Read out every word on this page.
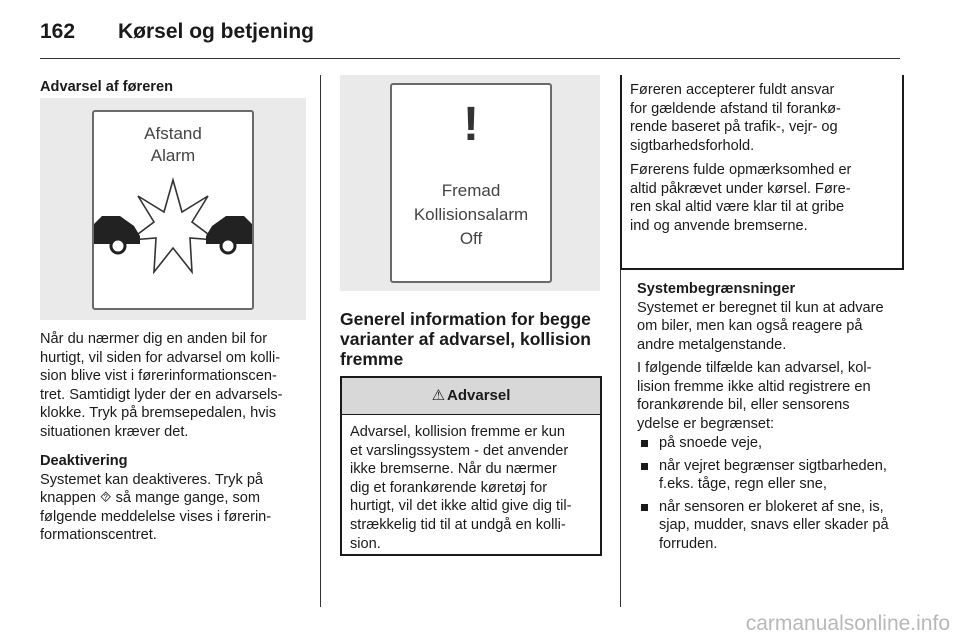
162 Kørsel og betjening
Advarsel af føreren
Afstand
Alarm
Når du nærmer dig en anden bil for
hurtigt, vil siden for advarsel om kolli-
sion blive vist i førerinformationscen-
tret. Samtidigt lyder der en advarsels-
klokke. Tryk på bremsepedalen, hvis
situationen kræver det.
Deaktivering
Systemet kan deaktiveres. Tryk på
knappen ⯑ så mange gange, som
følgende meddelelse vises i førerin-
formationscentret.
!
Fremad
Kollisionsalarm
Off
Generel information for begge
varianter af advarsel, kollision
fremme
⚠ Advarsel
Advarsel, kollision fremme er kun
et varslingssystem - det anvender
ikke bremserne. Når du nærmer
dig et forankørende køretøj for
hurtigt, vil det ikke altid give dig til-
strækkelig tid til at undgå en kolli-
sion.
Føreren accepterer fuldt ansvar
for gældende afstand til forankø-
rende baseret på trafik-, vejr- og
sigtbarhedsforhold.
Førerens fulde opmærksomhed er
altid påkrævet under kørsel. Føre-
ren skal altid være klar til at gribe
ind og anvende bremserne.
Systembegrænsninger
Systemet er beregnet til kun at advare
om biler, men kan også reagere på
andre metalgenstande.
I følgende tilfælde kan advarsel, kol-
lision fremme ikke altid registrere en
forankørende bil, eller sensorens
ydelse er begrænset:
på snoede veje,
når vejret begrænser sigtbarheden,
f.eks. tåge, regn eller sne,
når sensoren er blokeret af sne, is,
sjap, mudder, snavs eller skader på
forruden.
carmanualsonline.info
